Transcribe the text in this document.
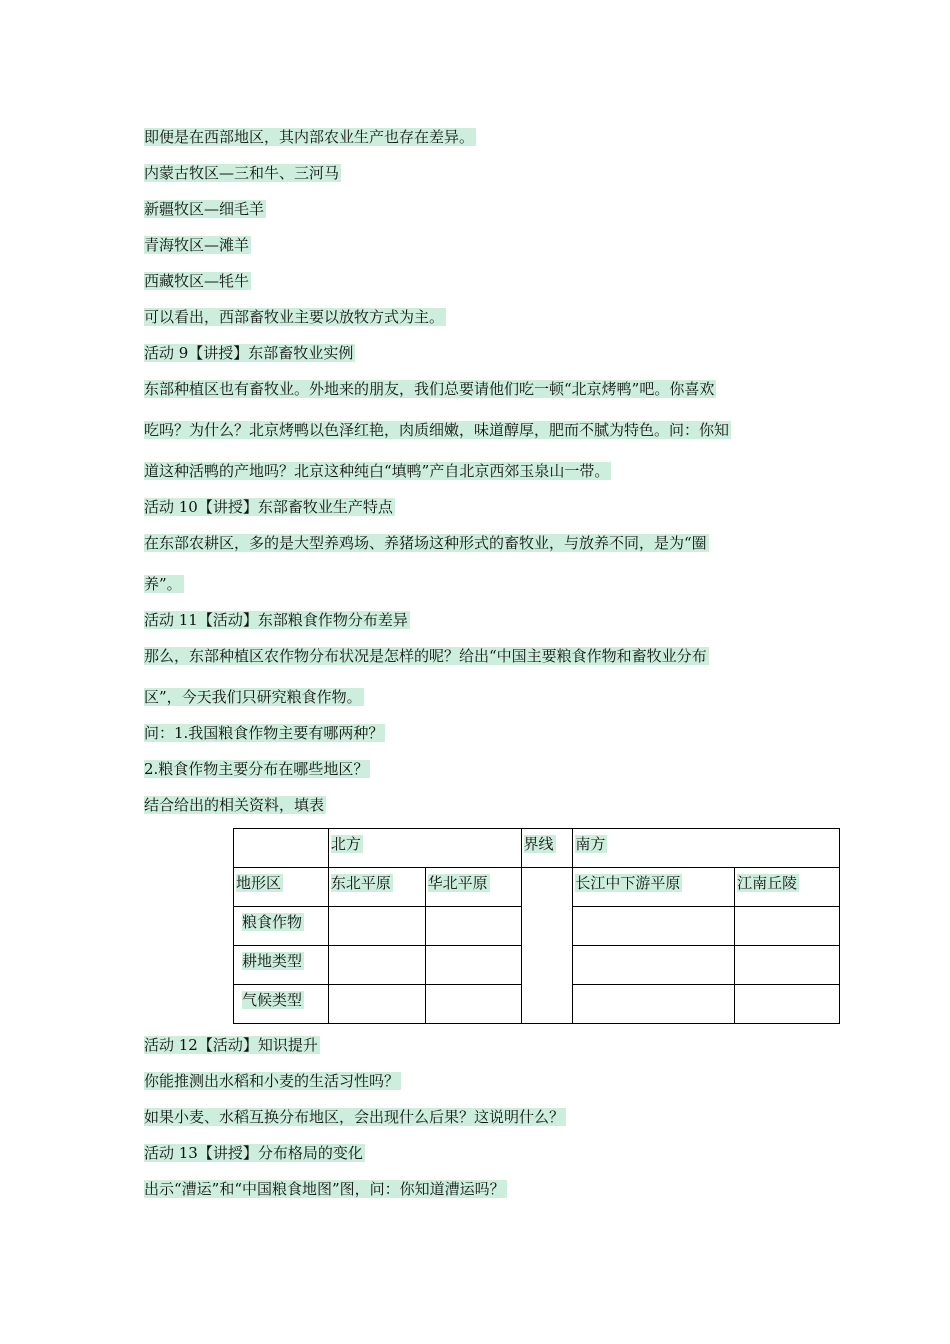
即便是在西部地区，其内部农业生产也存在差异。
内蒙古牧区—三和牛、三河马
新疆牧区—细毛羊
青海牧区—滩羊
西藏牧区—牦牛
可以看出，西部畜牧业主要以放牧方式为主。
活动 9【讲授】东部畜牧业实例
东部种植区也有畜牧业。外地来的朋友，我们总要请他们吃一顿“北京烤鸭”吧。你喜欢
吃吗？为什么？北京烤鸭以色泽红艳，肉质细嫩，味道醇厚，肥而不腻为特色。问：你知
道这种活鸭的产地吗？北京这种纯白“填鸭”产自北京西郊玉泉山一带。
活动 10【讲授】东部畜牧业生产特点
在东部农耕区，多的是大型养鸡场、养猪场这种形式的畜牧业，与放养不同，是为“圈
养”。
活动 11【活动】东部粮食作物分布差异
那么，东部种植区农作物分布状况是怎样的呢？给出“中国主要粮食作物和畜牧业分布
区”，今天我们只研究粮食作物。
问：1.我国粮食作物主要有哪两种？
2.粮食作物主要分布在哪些地区？
结合给出的相关资料，填表
	北方		界线	南方	
地形区	东北平原	华北平原		长江中下游平原	江南丘陵
粮食作物					
耕地类型					
气候类型					
活动 12【活动】知识提升
你能推测出水稻和小麦的生活习性吗？
如果小麦、水稻互换分布地区，会出现什么后果？这说明什么？
活动 13【讲授】分布格局的变化
出示“漕运”和“中国粮食地图”图，问：你知道漕运吗？
